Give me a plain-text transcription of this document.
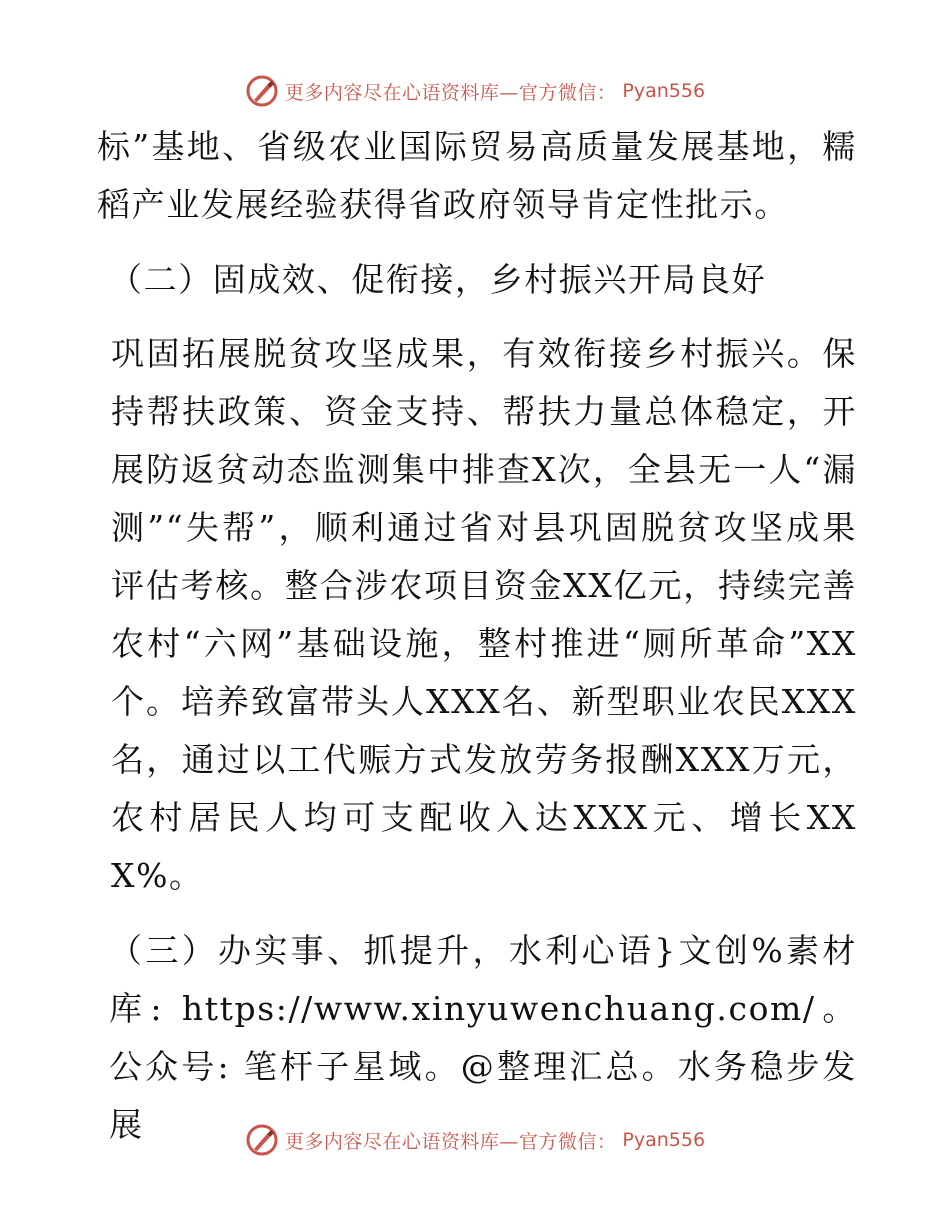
更多内容尽在心语资料库—官方微信： Pyan556

标”基地、省级农业国际贸易高质量发展基地，糯稻产业发展经验获得省政府领导肯定性批示。

（二）固成效、促衔接，乡村振兴开局良好

巩固拓展脱贫攻坚成果，有效衔接乡村振兴。保持帮扶政策、资金支持、帮扶力量总体稳定，开展防返贫动态监测集中排查X次，全县无一人“漏测”“失帮”，顺利通过省对县巩固脱贫攻坚成果评估考核。整合涉农项目资金XX亿元，持续完善农村“六网”基础设施，整村推进“厕所革命”XX个。培养致富带头人XXX名、新型职业农民XXX名，通过以工代赈方式发放劳务报酬XXX万元，农村居民人均可支配收入达XXX元、增长XXX%。

（三）办实事、抓提升，水利心语}文创%素材库: https://www.xinyuwenchuang.com/。公众号: 笔杆子星域。@整理汇总。水务稳步发展	更多内容尽在心语资料库—官方微信： Pyan556
